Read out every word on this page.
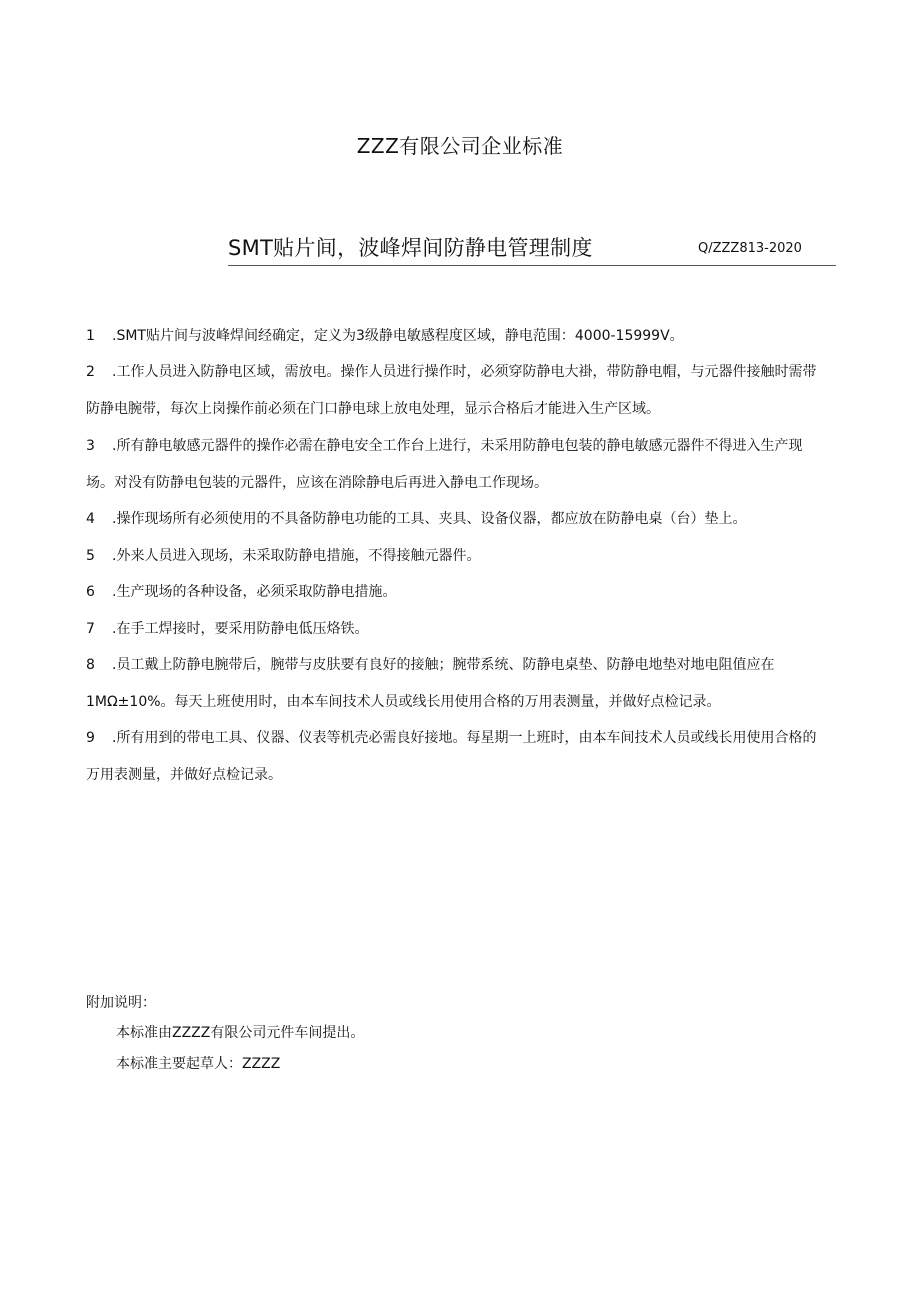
ZZZ有限公司企业标准
SMT贴片间，波峰焊间防静电管理制度	Q/ZZZ813-2020

1 .SMT贴片间与波峰焊间经确定，定义为3级静电敏感程度区域，静电范围：4000-15999V。

2 .工作人员进入防静电区域，需放电。操作人员进行操作时，必须穿防静电大褂，带防静电帽，与元器件接触时需带防静电腕带，每次上岗操作前必须在门口静电球上放电处理，显示合格后才能进入生产区域。

3 .所有静电敏感元器件的操作必需在静电安全工作台上进行，未采用防静电包装的静电敏感元器件不得进入生产现场。对没有防静电包装的元器件，应该在消除静电后再进入静电工作现场。

4 .操作现场所有必须使用的不具备防静电功能的工具、夹具、设备仪器，都应放在防静电桌（台）垫上。

5 .外来人员进入现场，未采取防静电措施，不得接触元器件。

6 .生产现场的各种设备，必须采取防静电措施。

7 .在手工焊接时，要采用防静电低压烙铁。

8 .员工戴上防静电腕带后，腕带与皮肤要有良好的接触；腕带系统、防静电桌垫、防静电地垫对地电阻值应在1MΩ±10%。每天上班使用时，由本车间技术人员或线长用使用合格的万用表测量，并做好点检记录。

9 .所有用到的带电工具、仪器、仪表等机壳必需良好接地。每星期一上班时，由本车间技术人员或线长用使用合格的万用表测量，并做好点检记录。

附加说明：
本标准由ZZZZ有限公司元件车间提出。
本标准主要起草人：ZZZZ
